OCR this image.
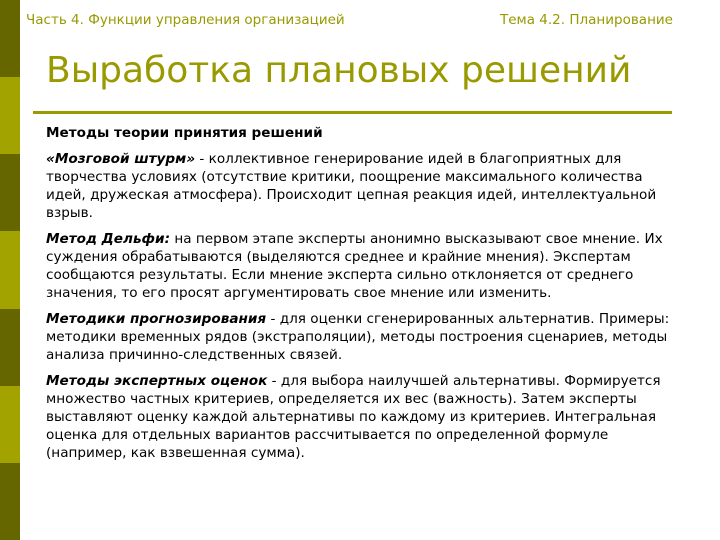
Часть 4. Функции управления организацией	Тема 4.2. Планирование
Выработка плановых решений
Методы теории принятия решений
«Мозговой штурм» - коллективное генерирование идей в благоприятных для творчества условиях (отсутствие критики, поощрение максимального количества идей, дружеская атмосфера). Происходит цепная реакция идей, интеллектуальной взрыв.
Метод Дельфи: на первом этапе эксперты анонимно высказывают свое мнение. Их суждения обрабатываются (выделяются среднее и крайние мнения). Экспертам сообщаются результаты. Если мнение эксперта сильно отклоняется от среднего значения, то его просят аргументировать свое мнение или изменить.
Методики прогнозирования - для оценки сгенерированных альтернатив. Примеры: методики временных рядов (экстраполяции), методы построения сценариев, методы анализа причинно-следственных связей.
Методы экспертных оценок - для выбора наилучшей альтернативы. Формируется множество частных критериев, определяется их вес (важность). Затем эксперты выставляют оценку каждой альтернативы по каждому из критериев. Интегральная оценка для отдельных вариантов рассчитывается по определенной формуле (например, как взвешенная сумма).
